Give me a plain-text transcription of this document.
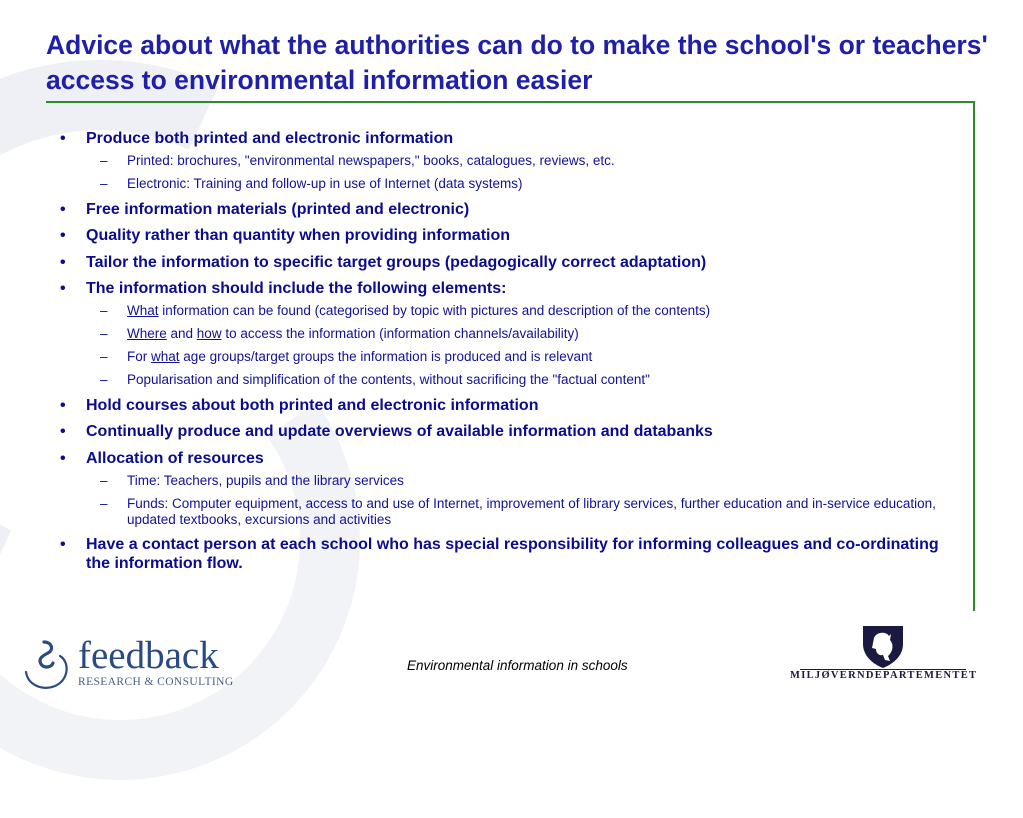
Advice about what the authorities can do to make the school's or teachers' access to environmental information easier
• Produce both printed and electronic information
– Printed: brochures, "environmental newspapers," books, catalogues, reviews, etc.
– Electronic: Training and follow-up in use of Internet (data systems)
• Free information materials (printed and electronic)
• Quality rather than quantity when providing information
• Tailor the information to specific target groups (pedagogically correct adaptation)
• The information should include the following elements:
– What information can be found (categorised by topic with pictures and description of the contents)
– Where and how to access the information (information channels/availability)
– For what age groups/target groups the information is produced and is relevant
– Popularisation and simplification of the contents, without sacrificing the "factual content"
• Hold courses about both printed and electronic information
• Continually produce and update overviews of available information and databanks
• Allocation of resources
– Time: Teachers, pupils and the library services
– Funds: Computer equipment, access to and use of Internet, improvement of library services, further education and in-service education, updated textbooks, excursions and activities
• Have a contact person at each school who has special responsibility for informing colleagues and co-ordinating the information flow.
feedback
RESEARCH & CONSULTING
Environmental information in schools
MILJØVERNDEPARTEMENTET
